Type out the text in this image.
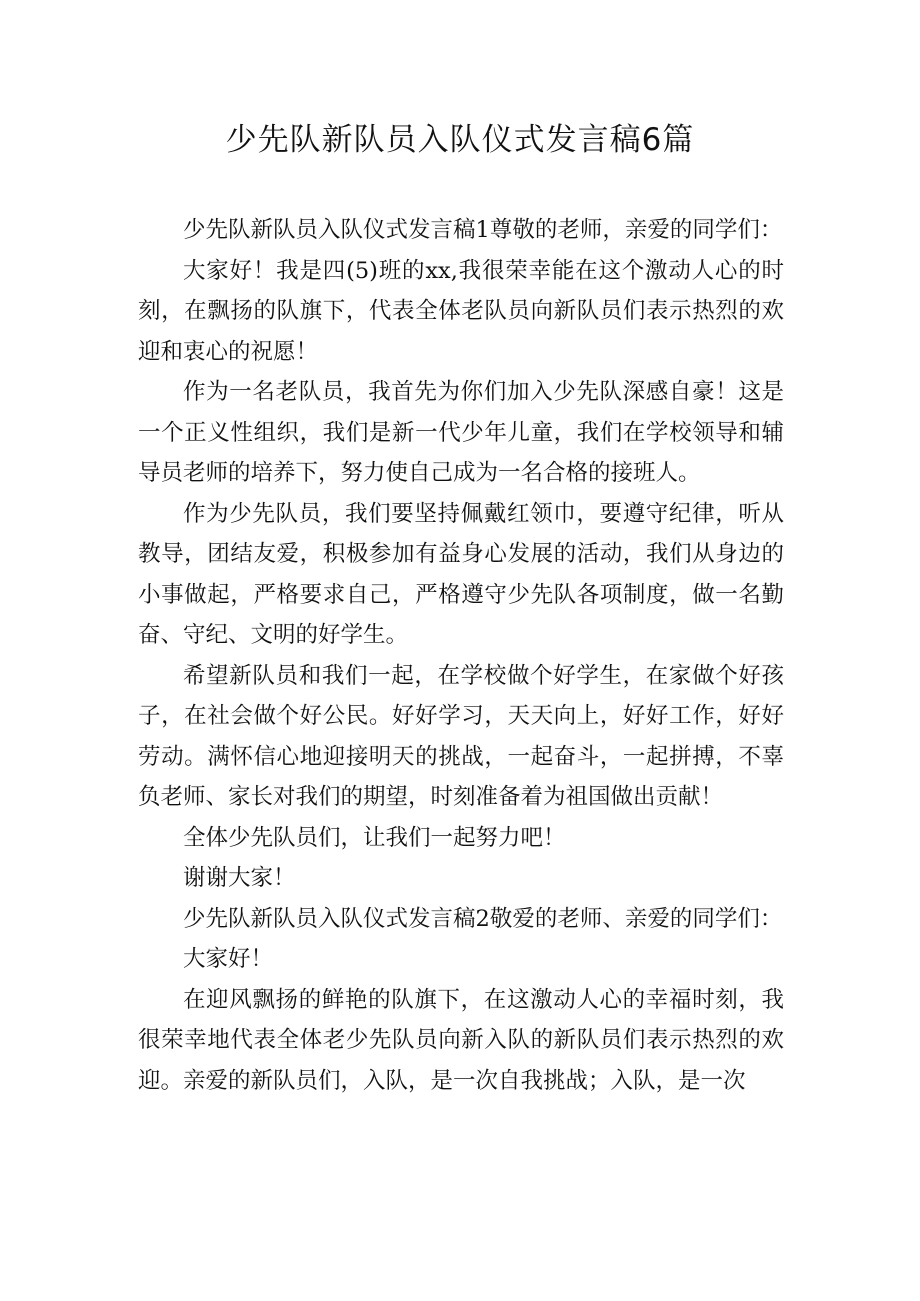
少先队新队员入队仪式发言稿6篇

少先队新队员入队仪式发言稿1尊敬的老师，亲爱的同学们：

大家好！我是四(5)班的xx,我很荣幸能在这个激动人心的时刻，在飘扬的队旗下，代表全体老队员向新队员们表示热烈的欢迎和衷心的祝愿！

作为一名老队员，我首先为你们加入少先队深感自豪！这是一个正义性组织，我们是新一代少年儿童，我们在学校领导和辅导员老师的培养下，努力使自己成为一名合格的接班人。

作为少先队员，我们要坚持佩戴红领巾，要遵守纪律，听从教导，团结友爱，积极参加有益身心发展的活动，我们从身边的小事做起，严格要求自己，严格遵守少先队各项制度，做一名勤奋、守纪、文明的好学生。

希望新队员和我们一起，在学校做个好学生，在家做个好孩子，在社会做个好公民。好好学习，天天向上，好好工作，好好劳动。满怀信心地迎接明天的挑战，一起奋斗，一起拼搏，不辜负老师、家长对我们的期望，时刻准备着为祖国做出贡献！

全体少先队员们，让我们一起努力吧！

谢谢大家！

少先队新队员入队仪式发言稿2敬爱的老师、亲爱的同学们：

大家好！

在迎风飘扬的鲜艳的队旗下，在这激动人心的幸福时刻，我很荣幸地代表全体老少先队员向新入队的新队员们表示热烈的欢迎。亲爱的新队员们，入队，是一次自我挑战；入队，是一次
